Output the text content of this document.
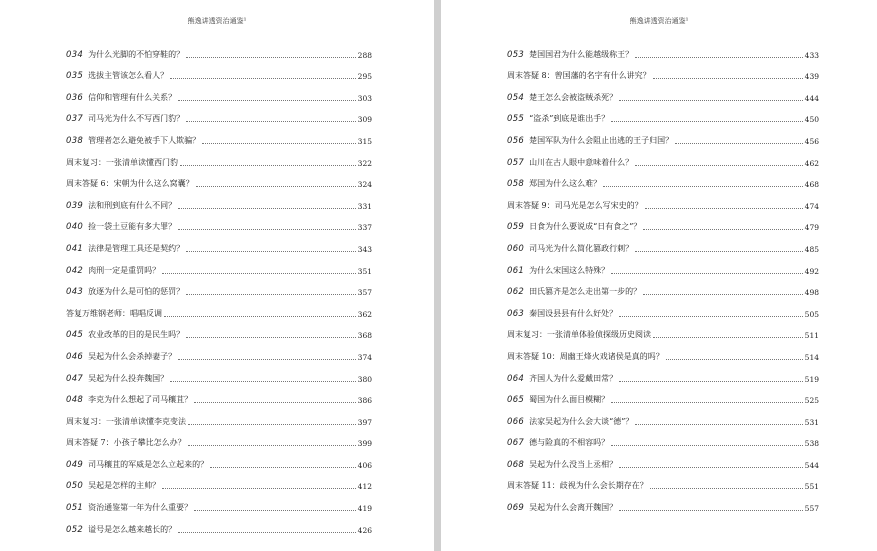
熊逸讲透资治通鉴¹
034 为什么光脚的不怕穿鞋的？	288
035 选拔主管该怎么看人？	295
036 信仰和管理有什么关系？	303
037 司马光为什么不写西门豹？	309
038 管理者怎么避免被手下人欺骗？	315
周末复习：一张清单读懂西门豹	322
周末答疑 6：宋朝为什么这么窝囊？	324
039 法和刑到底有什么不同？	331
040 捡一袋土豆能有多大罪？	337
041 法律是管理工具还是契约？	343
042 肉刑一定是重罚吗？	351
043 放逐为什么是可怕的惩罚？	357
答复万维钢老师：唱唱反调	362
045 农业改革的目的是民生吗？	368
046 吴起为什么会杀掉妻子？	374
047 吴起为什么投奔魏国？	380
048 李克为什么想起了司马穰苴？	386
周末复习：一张清单读懂李克变法	397
周末答疑 7：小孩子攀比怎么办？	399
049 司马穰苴的军威是怎么立起来的？	406
050 吴起是怎样的主帅？	412
051 资治通鉴第一年为什么重要？	419
052 谥号是怎么越来越长的？	426
熊逸讲透资治通鉴¹
053 楚国国君为什么能越级称王？	433
周末答疑 8：曾国藩的名字有什么讲究？	439
054 楚王怎么会被盗贼杀死？	444
055 “盗杀”到底是谁出手？	450
056 楚国军队为什么会阻止出逃的王子归国？	456
057 山川在古人眼中意味着什么？	462
058 郑国为什么这么难？	468
周末答疑 9：司马光是怎么写宋史的？	474
059 日食为什么要说成“日有食之”？	479
060 司马光为什么简化篡政行刺？	485
061 为什么宋国这么特殊？	492
062 田氏篡齐是怎么走出第一步的？	498
063 秦国设县县有什么好处？	505
周末复习：一张清单体验侦探级历史阅读	511
周末答疑 10：周幽王烽火戏诸侯是真的吗？	514
064 齐国人为什么爱戴田常？	519
065 蜀国为什么面目模糊？	525
066 法家吴起为什么会大谈“德”？	531
067 德与险真的不相容吗？	538
068 吴起为什么没当上丞相？	544
周末答疑 11：歧视为什么会长期存在？	551
069 吴起为什么会离开魏国？	557
